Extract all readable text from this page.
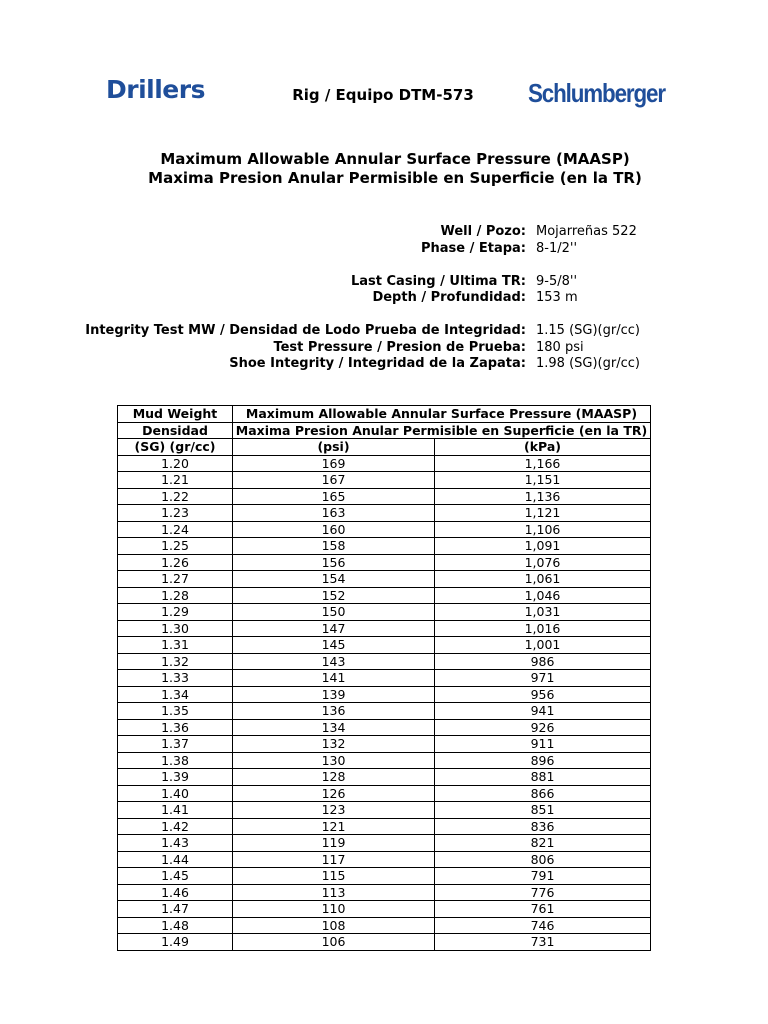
Drillers	Rig / Equipo DTM-573	Schlumberger
Maximum Allowable Annular Surface Pressure (MAASP)
Maxima Presion Anular Permisible en Superficie (en la TR)
Well / Pozo: Mojarreñas 522
Phase / Etapa: 8-1/2''
Last Casing / Ultima TR: 9-5/8''
Depth / Profundidad: 153 m
Integrity Test MW / Densidad de Lodo Prueba de Integridad: 1.15 (SG)(gr/cc)
Test Pressure / Presion de Prueba: 180 psi
Shoe Integrity / Integridad de la Zapata: 1.98 (SG)(gr/cc)
Mud Weight	Maximum Allowable Annular Surface Pressure (MAASP)	
Densidad	Maxima Presion Anular Permisible en Superficie (en la TR)	
(SG) (gr/cc)	(psi)	(kPa)
1.20	169	1,166
1.21	167	1,151
1.22	165	1,136
1.23	163	1,121
1.24	160	1,106
1.25	158	1,091
1.26	156	1,076
1.27	154	1,061
1.28	152	1,046
1.29	150	1,031
1.30	147	1,016
1.31	145	1,001
1.32	143	986
1.33	141	971
1.34	139	956
1.35	136	941
1.36	134	926
1.37	132	911
1.38	130	896
1.39	128	881
1.40	126	866
1.41	123	851
1.42	121	836
1.43	119	821
1.44	117	806
1.45	115	791
1.46	113	776
1.47	110	761
1.48	108	746
1.49	106	731
